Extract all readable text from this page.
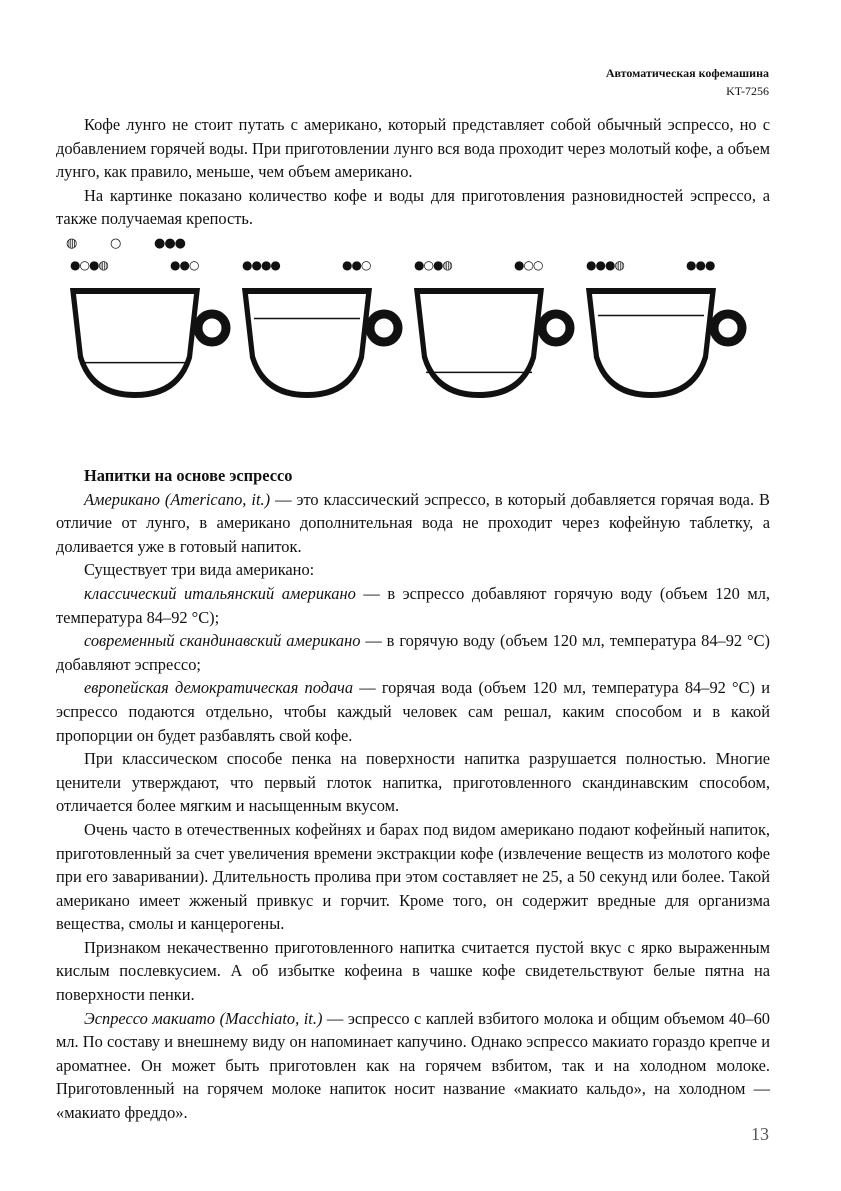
Автоматическая кофемашина
KT-7256

Кофе лунго не стоит путать с американо, который представляет собой обычный эспрессо, но с добавлением горячей воды. При приготовлении лунго вся вода проходит через молотый кофе, а объем лунго, как правило, меньше, чем объем американо.

На картинке показано количество кофе и воды для приготовления разновидностей эспрессо, а также получаемая крепость.

◍	○	●●●
●○●◍	●●○	●●●●	●●○	●○●◍	●○○	●●●◍	●●●

Напитки на основе эспрессо

Американо (Americano, it.) — это классический эспрессо, в который добавляется горячая вода. В отличие от лунго, в американо дополнительная вода не проходит через кофейную таблетку, а доливается уже в готовый напиток.

Существует три вида американо:

классический итальянский американо — в эспрессо добавляют горячую воду (объем 120 мл, температура 84–92 °C);

современный скандинавский американо — в горячую воду (объем 120 мл, температура 84–92 °C) добавляют эспрессо;

европейская демократическая подача — горячая вода (объем 120 мл, температура 84–92 °C) и эспрессо подаются отдельно, чтобы каждый человек сам решал, каким способом и в какой пропорции он будет разбавлять свой кофе.

При классическом способе пенка на поверхности напитка разрушается полностью. Многие ценители утверждают, что первый глоток напитка, приготовленного скандинавским способом, отличается более мягким и насыщенным вкусом.

Очень часто в отечественных кофейнях и барах под видом американо подают кофейный напиток, приготовленный за счет увеличения времени экстракции кофе (извлечение веществ из молотого кофе при его заваривании). Длительность пролива при этом составляет не 25, а 50 секунд или более. Такой американо имеет жженый привкус и горчит. Кроме того, он содержит вредные для организма вещества, смолы и канцерогены.

Признаком некачественно приготовленного напитка считается пустой вкус с ярко выраженным кислым послевкусием. А об избытке кофеина в чашке кофе свидетельствуют белые пятна на поверхности пенки.

Эспрессо макиато (Macchiato, it.) — эспрессо с каплей взбитого молока и общим объемом 40–60 мл. По составу и внешнему виду он напоминает капучино. Однако эспрессо макиато гораздо крепче и ароматнее. Он может быть приготовлен как на горячем взбитом, так и на холодном молоке. Приготовленный на горячем молоке напиток носит название «макиато кальдо», на холодном — «макиато фреддо».

13
